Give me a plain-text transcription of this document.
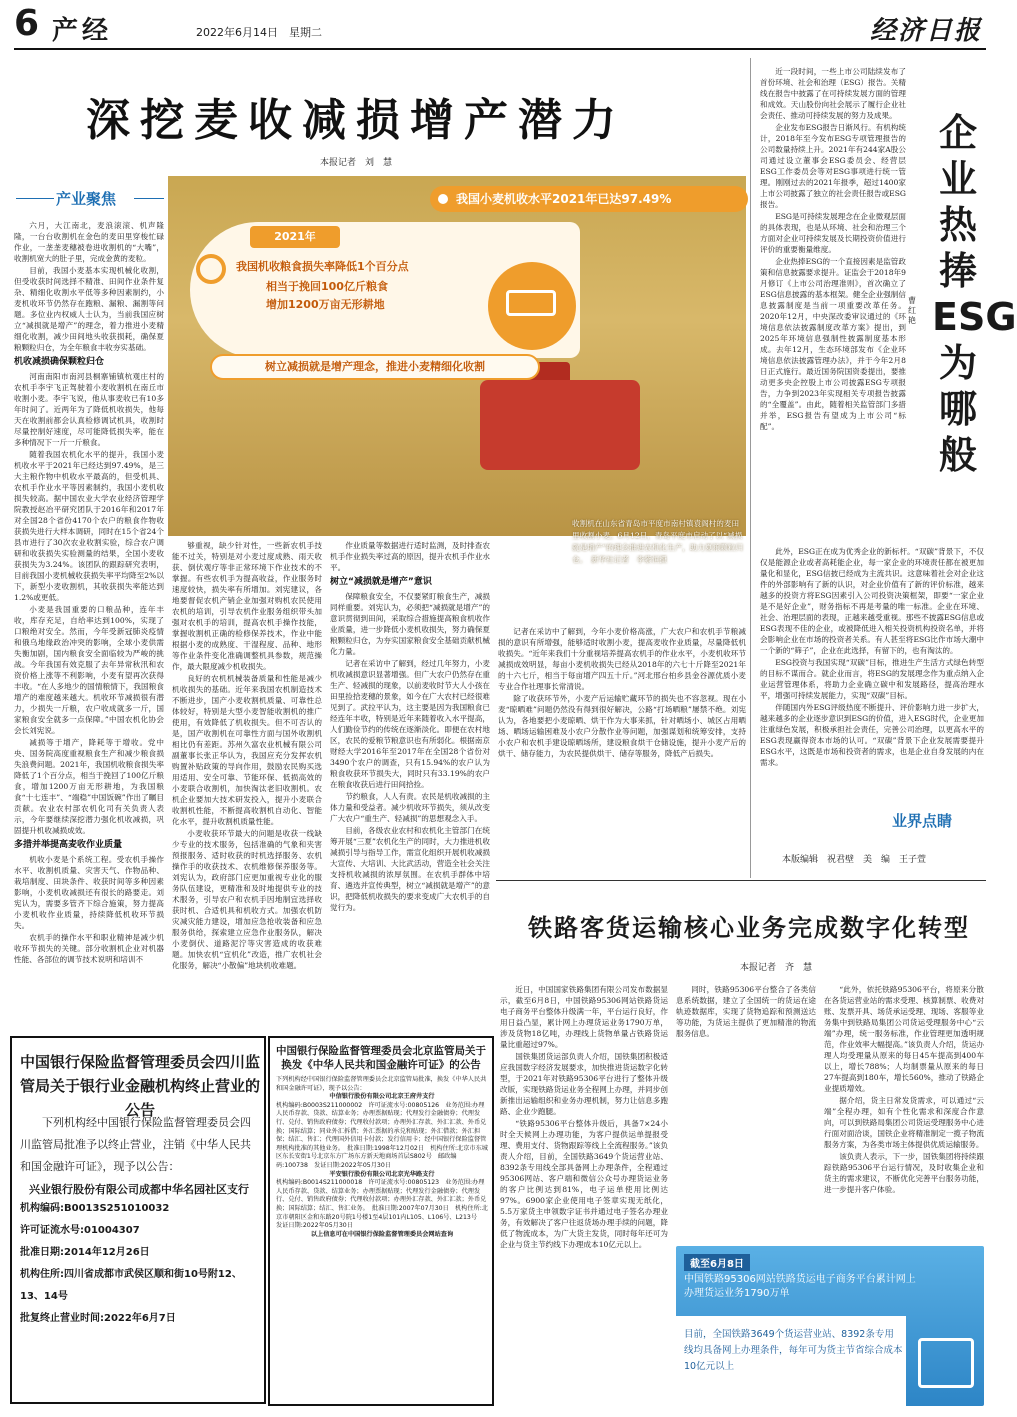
6 产经	2022年6月14日　星期二	经济日报
深挖麦收减损增产潜力
本报记者　刘　慧
产业聚焦

六月，大江南北，麦浪滚滚、机声隆隆，一台台收割机在金色的麦田里穿梭忙碌作业，一垄垄麦穗被卷进收割机的“大嘴”，收割机宽大的肚子里，完成金黄的麦粒。

目前，我国小麦基本实现机械化收割，但受收获时间选择不精准、田间作业条件复杂、精细化收割水平低等多种因素制约，小麦机收环节仍然存在跑粮、漏粮、漏割等问题。多位业内权威人士认为，当前我国应树立“减损就是增产”的理念，着力推进小麦精细化收割，减少田间地头收获损耗，确保夏粮颗粒归仓，为全年粮食丰收夯实基础。

机收减损确保颗粒归仓

河南南阳市南河县桐寨铺镇杭观庄村的农机手李宇飞正驾驶着小麦收割机在南丘市收割小麦。李宇飞说，他从事麦收已有10多年时间了。近两年为了降低机收损失，他每天在收割前都会认真检修调试机具，收割时尽量控制好速度，尽可能降低损失率，能在多种情况下一斤一斤粮食。

随着我国农机化水平的提升，我国小麦机收水平于2021年已经达到97.49%，是三大主粮作物中机收水平最高的，但受机具、农机手作业水平等因素制约，我国小麦机收损失较高。据中国农业大学农业经济管理学院教授赵冶平研究团队于2016年和2017年对全国28个省份4170个农户的粮食作物收获损失进行大样本调研，同时在15个省24个县市进行了30次农业收割实验，综合农户调研和收获损失实验测量的结果，全国小麦收获损失为3.24%。该团队的跟踪研究表明，目前我国小麦机械收获损失率平均降至2%以下，新型小麦收割机，其收获损失率能达到1.2%或更低。

小麦是我国重要的口粮品种，连年丰收，库存充足，自给率达到100%，实现了口粮绝对安全。然而，今年受新冠肺炎疫情和俄乌地缘政治冲突的影响，全球小麦供需失衡加剧，国内粮食安全面临较为严峻的挑战。今年我国有效克服了去年异常秋汛和农资价格上涨等不利影响，小麦有望再次获得丰收。“在人多地少的国情粮情下，我国粮食增产的难度越来越大。机收环节减损很有潜力，少损失一斤粮，农户收成就多一斤，国家粮食安全就多一点保障。”中国农机化协会会长刘宪说。

减损等于增产，降耗等于增收。党中央、国务院高度重视粮食生产和减少粮食损失浪费问题。2021年，我国机收粮食损失率降低了1个百分点，相当于挽回了100亿斤粮食，增加1200万亩无形耕地，为我国粮食“十七连丰”、“端稳”中国饭碗”作出了瞩目贡献。农业农村部农机化司有关负责人表示，今年要继续深挖潜力强化机收减损，巩固提升机收减损成效。

多措并举提高麦收作业质量

机收小麦是个系统工程。受农机手操作水平、收割机质量、灾害天气、作物品种、栽培制度、田块条件、收获时间等多种因素影响，小麦机收减损还有很长的路要走。刘宪认为，需要多管齐下综合施策，努力提高小麦机收作业质量，持续降低机收环节损失。

农机手的操作水平和职业精神是减少机收环节损失的关键。部分收割机企业对机器性能、各部位的调节技术说明和培训不

够重视，缺少针对性，一些新农机手技能不过关，特别是对小麦过度成熟、雨天收获、倒伏观疗等非正常环境下作业技术的不掌握。有些农机手为提高收益，作业服务时速度较快，损失率有所增加。刘宪建议，各地要督促农机产销企业加强对购机农民使用农机的培训，引导农机作业服务组织带头加强对农机手的培训，提高农机手操作技能，掌握收割机正确的检修保养技术，作业中能根据小麦的成熟度、干湿程度、品种、地形等作业条件变化准确调整机具参数，规范操作，最大限度减少机收损失。

良好的农机机械装备质量和性能是减少机收损失的基础。近年来我国农机制造技术不断进步，国产小麦收割机质量、可靠性总体较好，特别是大型小麦智能收割机的推广使用，有效降低了机收损失。但不可否认的是，国产收割机在可靠性方面与国外收割机相比仍有差距。苏州久富农业机械有限公司副董事长张正华认为，我国应充分发挥农机购置补贴政策的导向作用，鼓励农民购买选用适用、安全可靠、节能环保、低损高效的小麦联合收割机，加快淘汰老旧收割机。农机企业要加大技术研发投入，提升小麦联合收割机性能，不断提高收割机自动化、智能化水平，提升收割机质量性能。

小麦收获环节最大的问题是收获一线缺少专业的技术服务，包括准确的气象和夹害预报服务、适时收获的时机选择服务、农机操作手的收获技术、农机维修保养服务等。刘宪认为，政府部门应更加重视专业化的服务队伍建设，更精准和及时地提供专业的技术服务，引导农户和农机手因地制宜选择收获时机、合适机具和机收方式。加强农机防灾减灾能力建设，增加应急抢收装备和应急服务供给，探索建立应急作业服务队，解决小麦倒伏、道路泥泞等灾害造成的收获难题。加快农机“宜机化”改造，推广农机社会化服务，解决“小散偏”地块机收难题。

作业质量等数据进行适时监测，及时排查农机手作业损失率过高的原因，提升农机手作业水平。

树立“减损就是增产”意识

保障粮食安全，不仅要紧盯粮食生产，减损同样重要。刘宪认为，必须把“减损就是增产”的意识贯彻到田间，采取综合措施提高粮食机收作业质量，进一步降低小麦机收损失，努力确保夏粮颗粒归仓，为夯实国家粮食安全基础贡献机械化力量。

记者在采访中了解到，经过几年努力，小麦机收减损意识显著增强。但广大农户仍然存在重生产、轻减损的现象，以前麦收时节大人小孩在田里捡拾麦穗的景象，如今在广大农村已经很难见到了。武拉平认为，这主要是因为我国粮食已经连年丰收，特别是近年来随着收入水平提高，人们勤俭节约的传统在逐渐淡化。即便在农村地区，农民的爱粮节粮意识也有所弱化。根据南京财经大学2016年至2017年在全国28个省份对3490个农户的调查，只有15.94%的农户认为粮食收获环节损失大，同时只有33.19%的农户在粮食收获后进行田间拾捡。

节约粮食，人人有责。农民是机收减损的主体力量和受益者。减少机收环节损失，须从改变广大农户“重生产、轻减损”的思想观念入手。

目前，各级农业农村和农机化主管部门在统筹开展“三夏”农机化生产的同时，大力推进机收减损引导与指导工作，需宣化组织开展机收减损大宣传、大培训、大比武活动，营造全社会关注支持机收减损的浓厚氛围。在农机手群体中培育、遴选并宣传典型，树立“减损就是增产”的意识，把降低机收损失的要求变成广大农机手的自觉行为。

记者在采访中了解到，今年小麦价格高涨，广大农户和农机手节粮减损的意识有所增强，能够适时收割小麦，提高麦收作业质量，尽量降低机收损失。“近年来我们十分重视培养提高农机手的作业水平，小麦机收环节减损成效明显，每亩小麦机收损失已经从2018年的六七十斤降至2021年的十六七斤，相当于每亩增产四五十斤。”河北邢台柏乡县金谷源优质小麦专业合作社理事长常清说。

除了收获环节外，小麦产后运输贮藏环节的损失也不容忽视。现在小麦“晾晒难”问题仍然没有得到很好解决，公路“打场晒粮”屡禁不绝。刘宪认为，各地要把小麦晾晒、烘干作为大事来抓，针对晒场小、城区占用晒场、晒场运输困难及小农户分散作业等问题，加强谋划和统筹安排，支持小农户和农机手建设晾晒场所，建设粮食烘干仓储设施，提升小麦产后的烘干、储存能力，为农民提供烘干、储存等服务，降低产后损失。

我国小麦机收水平2021年已达97.49%
2021年
我国机收粮食损失率降低1个百分点
相当于挽回100亿斤粮食
增加1200万亩无形耕地
树立减损就是增产理念，推进小麦精细化收割
收割机在山东省青岛市平度市南村镇袁阁村的麦田里收割小麦。6月12日，青岛平度市启动了以“减损就是增产”的理念推进农机化生产，助力夏粮颗粒归仓。　新华社记者　李紫恒摄

近一段时间，一些上市公司陆续发布了首份环境、社会和治理（ESG）报告。关精线在报告中披露了在可持续发展方面的管理和成效。天山股份向社会展示了履行企业社会责任、推动可持续发展的努力及成果。

企业发布ESG报告日渐风行。有机构统计，2018年至今发布ESG专项管理报告的公司数量持续上升。2021年有244家A股公司通过设立董事会ESG委员会、经营层ESG工作委员会等对ESG事项进行统一管理。刚刚过去的2021年报季，超过1400家上市公司披露了独立的社会责任报告或ESG报告。

ESG是可持续发展理念在企业微观层面的具体表现，也是从环境、社会和治理三个方面对企业可持续发展及长期投资价值进行评价的重要衡量维度。

企业热捧ESG的一个直接因素是监管政策和信息披露要求提升。证监会于2018年9月修订《上市公司治理准则》，首次确立了ESG信息披露的基本框架。健全企业强制信息披露制度是当前一项重要改革任务。2020年12月，中央深改委审议通过的《环境信息依法披露制度改革方案》提出，到2025年环境信息强制性披露制度基本形成。去年12月，生态环境部发布《企业环境信息依法披露管理办法》，并于今年2月8日正式施行。最近国务院国资委提出，要推动更多央企控股上市公司披露ESG专项报告，力争到2023年实现相关专项报告披露的“全覆盖”。由此，随着相关监管部门多措并举，ESG报告有望成为上市公司“标配”。

企业热捧ESG为哪般
曹红艳

此外，ESG正在成为优秀企业的新标杆。“双碳”背景下，不仅仅是能源企业或者高耗能企业，每一家企业的环境责任都在被更加量化和显化，ESG信披已经成为主流共识。这意味着社会对企业这件的外部影响有了新的认识，对企业价值有了新的评价标准，越来越多的投资方将ESG因素引入公司投资决策框架，即要“一家企业是不是好企业”，财务指标不再是考量的唯一标准。企业在环境、社会、治理层面的表现，正越来越受重视。那些不披露ESG信息或ESG表现不佳的企业，或被降低进入相关投资机构投资名单，并将会影响企业在市场的投资者关系。有人甚至将ESG比作市场大潮中一个新的“筛子”，企业在此选择，有留下的，也有淘汰的。

ESG投资与我国实现“双碳”目标，推进生产生活方式绿色转型的目标不谋而合。就企业而言，将ESG的发展理念作为重点纳入企业运营管理体系，将助力企业确立碳中和发展路径，提高治理水平，增强可持续发展能力，实现“双碳”目标。

伴随国内外ESG评级热度不断提升、评价影响力进一步扩大，越来越多的企业逐步意识到ESG的价值，进入ESG时代，企业更加注重绿色发展，积极承担社会责任，完善公司治理，以更高水平的ESG表现赢得资本市场的认可。“双碳”背景下企业发展需要提升ESG水平，这既是市场和投资者的需求，也是企业自身发展的内在需求。

业界点睛
本版编辑　祝君壁　美　编　王子萱
铁路客货运输核心业务完成数字化转型
本报记者　齐　慧

近日，中国国家铁路集团有限公司发布数据显示，截至6月8日，中国铁路95306网站铁路货运电子商务平台整体升级满一年，平台运行良好，作用日益凸显，累计网上办理货运业务1790万单，涉及货物18亿吨，办理线上货物单量占铁路货运量比重超过97%。

国铁集团货运部负责人介绍，国铁集团积极适应我国数字经济发展要求，加快推进货运数字化转型，于2021年对铁路95306平台进行了整体升级改版，实现铁路货运业务全程网上办理，并同步创新推出运输组织和业务办理机制，努力让信息多跑路、企业少跑腿。

“铁路95306平台整体升级后，具备7×24小时全天候网上办理功能，为客户提供运单提报受理、费用支付、货物跟踪等线上全流程服务。”该负责人介绍，目前，全国铁路3649个货运营业站、8392条专用线全部具备网上办理条件，全程通过95306网站、客户端和微信公众号办理货运业务的客户比例达到81%，电子运单使用比例达97%。6900家企业使用电子签章实现无纸化，5.5万家货主申领数字证书并通过电子签名办理业务，有效解决了客户往返货场办理手续的问题，降低了物流成本，为广大货主发货，同时每年还可为企业与货主节约线下办理成本10亿元以上。

同时，铁路95306平台整合了各类信息系统数据，建立了全国统一的货运在途轨迹数据库，实现了货物追踪和预测送达等功能，为货运主提供了更加精准的物流服务信息。

“此外，依托铁路95306平台，将原来分散在各货运营业站的需求受理、核算制票、收费对账、发票开具、场货承运受理、现场、客服等业务集中到铁路局集团公司货运受理服务中心“云端”办理，统一服务标准，作业管理更加透明规范，作业效率大幅提高。”该负责人介绍，货运办理人均受理量从原来的每日45车提高到400车以上，增长788%；人均制票量从原来的每日27车提高到180车，增长560%，推动了铁路企业提质增效。

据介绍，货主日常发货需求，可以通过“云端”全程办理，如有个性化需求和深度合作意向，可以到铁路局集团公司货运受理服务中心进行面对面洽谈，国铁企业将精准制定一揽子物流服务方案，为各类市场主体提供优质运输服务。

该负责人表示，下一步，国铁集团将持续跟踪铁路95306平台运行情况，及时收集企业和货主的需求建议，不断优化完善平台服务功能，进一步提升客户体验。

截至6月8日
中国铁路95306网站铁路货运电子商务平台累计网上
办理货运业务1790万单
目前，全国铁路3649个货运营业站、8392条专用
线均具备网上办理条件，每年可为货主节省综合成本
10亿元以上
中国银行保险监督管理委员会四川监管局关于银行业金融机构终止营业的公告
下列机构经中国银行保险监督管理委员会四川监管局批准予以终止营业，注销《中华人民共和国金融许可证》，现予以公告：
兴业银行股份有限公司成都中华名园社区支行
机构编码:B0013S251010032
许可证流水号:01004307
批准日期:2014年12月26日
机构住所:四川省成都市武侯区顺和街10号附12、13、14号
批复终止营业时间:2022年6月7日
中国银行保险监督管理委员会北京监管局关于换发《中华人民共和国金融许可证》的公告

下列机构经中国银行保险监督管理委员会北京监管局批准，换发《中华人民共和国金融许可证》，现予以公告：

中信银行股份有限公司北京王府井支行

机构编码:B0003S211000002　许可证流水号:00805126　业务范围:办理人民币存款、贷款、结算业务；办理票据贴现；代理发行金融债券；代理发行、兑付、销售政府债券；代理收付款项；办理外汇存款、外汇汇款、外币兑换；国际结算；同业外汇拆借；外汇票据的承兑和贴现；外汇借款；外汇担保；结汇、售汇；代理国外信用卡付款；发行信用卡；经中国银行保险监督管理机构批准的其他业务。　批准日期:1998年12月02日　机构住所:北京市东城区东长安街1号北京东方广场东方新天地商场首层S802号　邮政编码:100738　发证日期:2022年05月30日

平安银行股份有限公司北京光华路支行

机构编码:B0014S211000018　许可证流水号:00805123　业务范围:办理人民币存款、贷款、结算业务；办理票据贴现；代理发行金融债券；代理发行、兑付、销售政府债券；代理收付款项；办理外汇存款、外汇汇款；外币兑换；国际结算；结汇、售汇业务。　批准日期:2007年07月30日　机构住所:北京市朝阳区金和东路20号院1号楼1至4层101内L105、L106号、L213号　发证日期:2022年05月30日

以上信息可在中国银行保险监督管理委员会网站查询
